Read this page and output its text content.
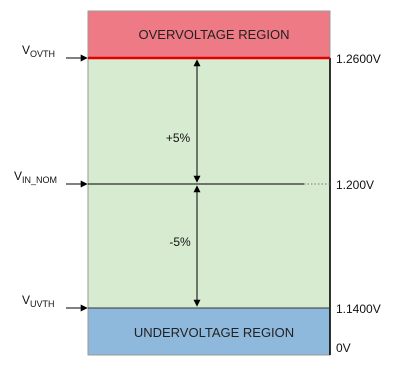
OVERVOLTAGE REGION
UNDERVOLTAGE REGION
+5%
-5%
$V_{OVTH}$
$V_{IN\_NOM}$
$V_{UVTH}$
1.2600V
1.200V
1.1400V
0V
